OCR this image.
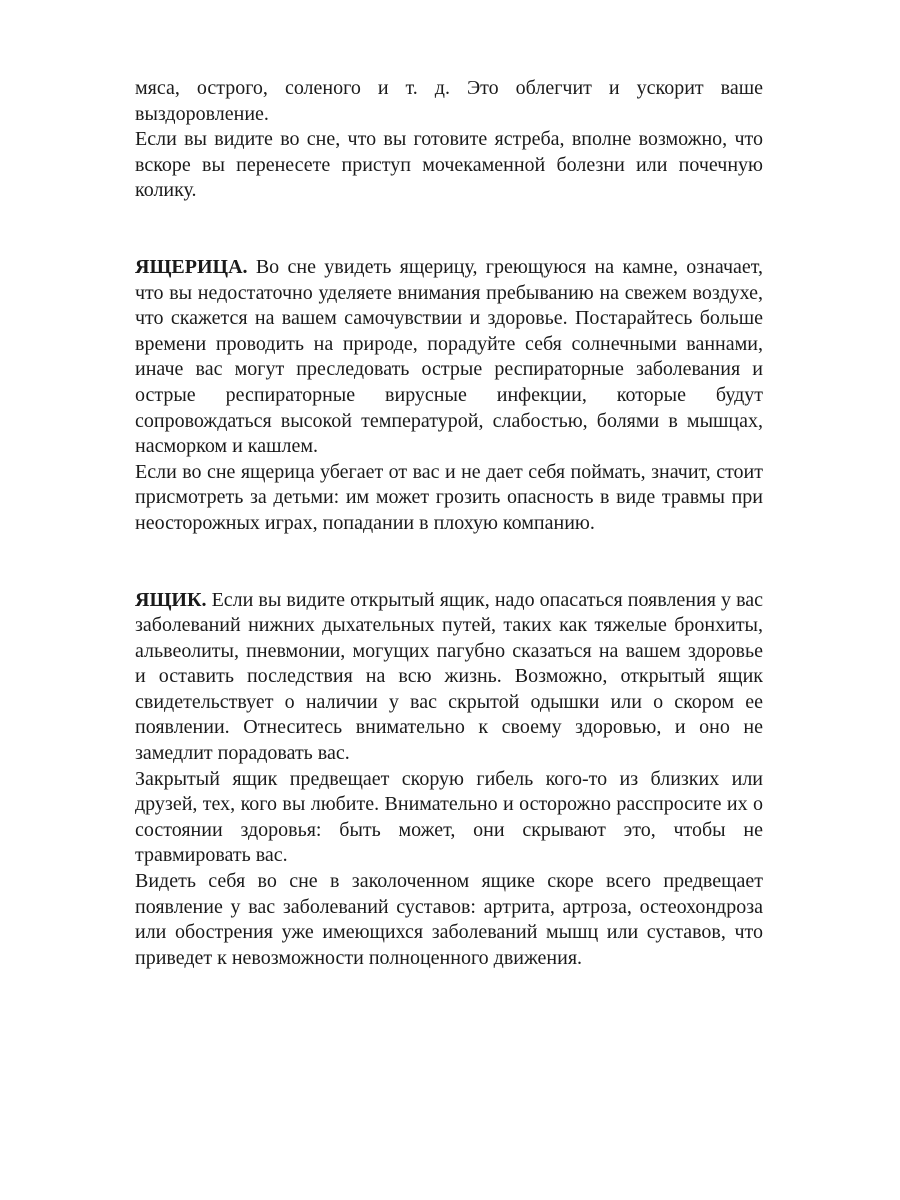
мяса, острого, соленого и т. д. Это облегчит и ускорит ваше выздоровление.

Если вы видите во сне, что вы готовите ястреба, вполне возможно, что вскоре вы перенесете приступ мочекаменной болезни или почечную колику.

ЯЩЕРИЦА. Во сне увидеть ящерицу, греющуюся на камне, означает, что вы недостаточно уделяете внимания пребыванию на свежем воздухе, что скажется на вашем самочувствии и здоровье. Постарайтесь больше времени проводить на природе, порадуйте себя солнечными ваннами, иначе вас могут преследовать острые респираторные заболевания и острые респираторные вирусные инфекции, которые будут сопровождаться высокой температурой, слабостью, болями в мышцах, насморком и кашлем.

Если во сне ящерица убегает от вас и не дает себя поймать, значит, стоит присмотреть за детьми: им может грозить опасность в виде травмы при неосторожных играх, попадании в плохую компанию.

ЯЩИК. Если вы видите открытый ящик, надо опасаться появления у вас заболеваний нижних дыхательных путей, таких как тяжелые бронхиты, альвеолиты, пневмонии, могущих пагубно сказаться на вашем здоровье и оставить последствия на всю жизнь. Возможно, открытый ящик свидетельствует о наличии у вас скрытой одышки или о скором ее появлении. Отнеситесь внимательно к своему здоровью, и оно не замедлит порадовать вас.

Закрытый ящик предвещает скорую гибель кого-то из близких или друзей, тех, кого вы любите. Внимательно и осторожно расспросите их о состоянии здоровья: быть может, они скрывают это, чтобы не травмировать вас.

Видеть себя во сне в заколоченном ящике скоре всего предвещает появление у вас заболеваний суставов: артрита, артроза, остеохондроза или обострения уже имеющихся заболеваний мышц или суставов, что приведет к невозможности полноценного движения.
